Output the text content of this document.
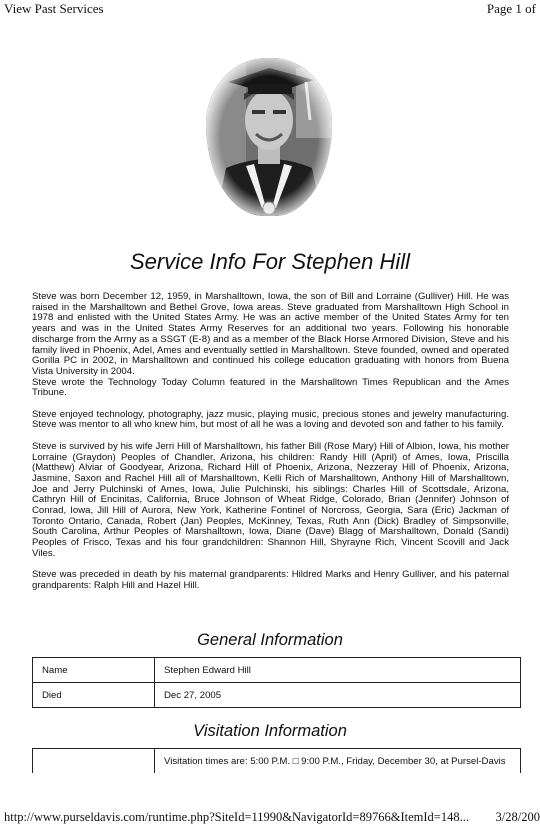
View Past Services	Page 1 of
Service Info For Stephen Hill

Steve was born December 12, 1959, in Marshalltown, Iowa, the son of Bill and Lorraine (Gulliver) Hill. He was raised in the Marshalltown and Bethel Grove, Iowa areas. Steve graduated from Marshalltown High School in 1978 and enlisted with the United States Army. He was an active member of the United States Army for ten years and was in the United States Army Reserves for an additional two years. Following his honorable discharge from the Army as a SSGT (E-8) and as a member of the Black Horse Armored Division, Steve and his family lived in Phoenix, Adel, Ames and eventually settled in Marshalltown. Steve founded, owned and operated Gorilla PC in 2002, in Marshalltown and continued his college education graduating with honors from Buena Vista University in 2004.
Steve wrote the Technology Today Column featured in the Marshalltown Times Republican and the Ames Tribune.

Steve enjoyed technology, photography, jazz music, playing music, precious stones and jewelry manufacturing. Steve was mentor to all who knew him, but most of all he was a loving and devoted son and father to his family.

Steve is survived by his wife Jerri Hill of Marshalltown, his father Bill (Rose Mary) Hill of Albion, Iowa, his mother Lorraine (Graydon) Peoples of Chandler, Arizona, his children: Randy Hill (April) of Ames, Iowa, Priscilla (Matthew) Alviar of Goodyear, Arizona, Richard Hill of Phoenix, Arizona, Nezzeray Hill of Phoenix, Arizona, Jasmine, Saxon and Rachel Hill all of Marshalltown, Kelli Rich of Marshalltown, Anthony Hill of Marshalltown, Joe and Jerry Pulchinski of Ames, Iowa, Julie Pulchinski, his siblings: Charles Hill of Scottsdale, Arizona, Cathryn Hill of Encinitas, California, Bruce Johnson of Wheat Ridge, Colorado, Brian (Jennifer) Johnson of Conrad, Iowa, Jill Hill of Aurora, New York, Katherine Fontinel of Norcross, Georgia, Sara (Eric) Jackman of Toronto Ontario, Canada, Robert (Jan) Peoples, McKinney, Texas, Ruth Ann (Dick) Bradley of Simpsonville, South Carolina, Arthur Peoples of Marshalltown, Iowa, Diane (Dave) Blagg of Marshalltown, Donald (Sandi) Peoples of Frisco, Texas and his four grandchildren: Shannon Hill, Shyrayne Rich, Vincent Scovill and Jack Viles.

Steve was preceded in death by his maternal grandparents: Hildred Marks and Henry Gulliver, and his paternal grandparents: Ralph Hill and Hazel Hill.

General Information
Name	Stephen Edward Hill
Died	Dec 27, 2005
Visitation Information
	Visitation times are: 5:00 P.M. □ 9:00 P.M., Friday, December 30, at Pursel-Davis
http://www.purseldavis.com/runtime.php?SiteId=11990&NavigatorId=89766&ItemId=148... 3/28/200
